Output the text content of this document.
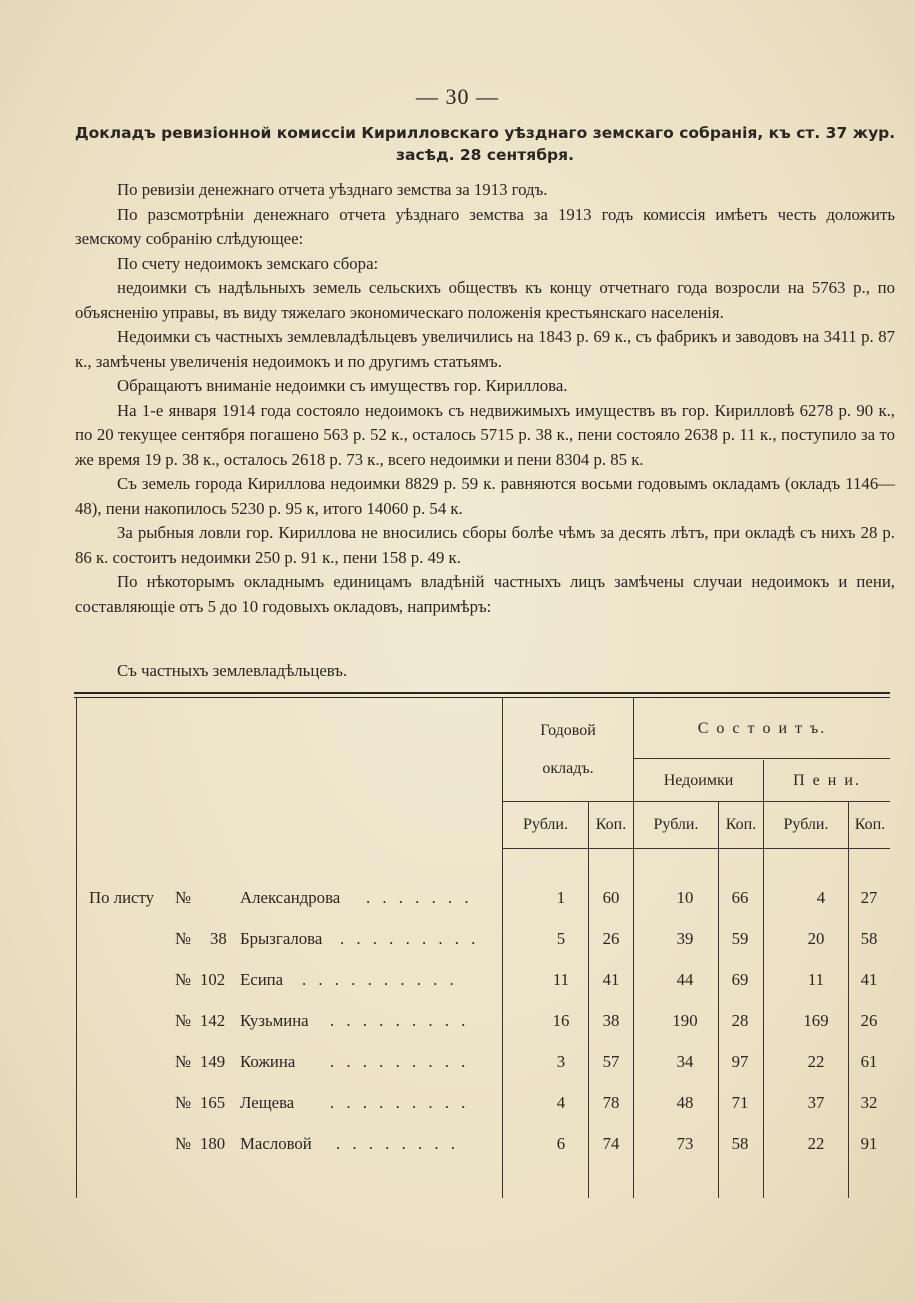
— 30 —
Докладъ ревизіонной комиссіи Кирилловскаго уѣзднаго земскаго собранія, къ ст. 37 жур.
засѣд. 28 сентября.

По ревизіи денежнаго отчета уѣзднаго земства за 1913 годъ.

По разсмотрѣніи денежнаго отчета уѣзднаго земства за 1913 годъ комиссія имѣетъ честь доложить земскому собранію слѣдующее:

По счету недоимокъ земскаго сбора:

недоимки съ надѣльныхъ земель сельскихъ обществъ къ концу отчетнаго года возросли на 5763 р., по объясненію управы, въ виду тяжелаго экономическаго положенія крестьянскаго населенія.

Недоимки съ частныхъ землевладѣльцевъ увеличились на 1843 р. 69 к., съ фабрикъ и заводовъ на 3411 р. 87 к., замѣчены увеличенія недоимокъ и по другимъ статьямъ.

Обращаютъ вниманіе недоимки съ имуществъ гор. Кириллова.

На 1-е января 1914 года состояло недоимокъ съ недвижимыхъ имуществъ въ гор. Кирилловѣ 6278 р. 90 к., по 20 текущее сентября погашено 563 р. 52 к., осталось 5715 р. 38 к., пени состояло 2638 р. 11 к., поступило за то же время 19 р. 38 к., осталось 2618 р. 73 к., всего недоимки и пени 8304 р. 85 к.

Съ земель города Кириллова недоимки 8829 р. 59 к. равняются восьми годовымъ окладамъ (окладъ 1146—48), пени накопилось 5230 р. 95 к, итого 14060 р. 54 к.

За рыбныя ловли гор. Кириллова не вносились сборы болѣе чѣмъ за десять лѣтъ, при окладѣ съ нихъ 28 р. 86 к. состоитъ недоимки 250 р. 91 к., пени 158 р. 49 к.

По нѣкоторымъ окладнымъ единицамъ владѣній частныхъ лицъ замѣчены случаи недоимокъ и пени, составляющіе отъ 5 до 10 годовыхъ окладовъ, напримѣръ:

Съ частныхъ землевладѣльцевъ.
Годовой
окладъ.
С о с т о и т ъ.
Недоимки	П е н и.
Рубли.	Коп.	Рубли.	Коп.	Рубли.	Коп.
По листу №	Александрова . . . . . . .	1	60	10	66	4	27
№ 38 Брызгалова . . . . . . . . .	5	26	39	59	20	58
№ 102 Есипа . . . . . . . . . .	11	41	44	69	11	41
№ 142 Кузьмина . . . . . . . . .	16	38	190	28	169	26
№ 149 Кожина . . . . . . . . .	3	57	34	97	22	61
№ 165 Лещева . . . . . . . . .	4	78	48	71	37	32
№ 180 Масловой . . . . . . . .	6	74	73	58	22	91
